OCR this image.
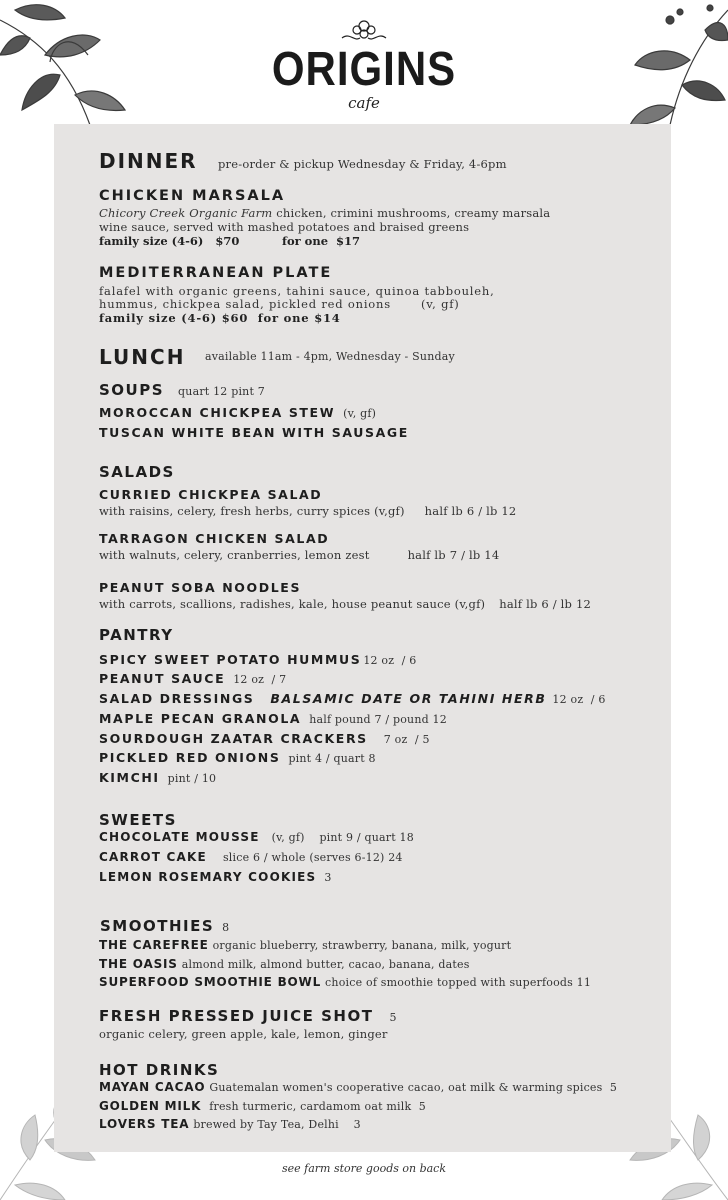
ORIGINS
cafe
DINNER pre-order & pickup Wednesday & Friday, 4-6pm
CHICKEN MARSALA
Chicory Creek Organic Farm chicken, crimini mushrooms, creamy marsala
wine sauce, served with mashed potatoes and braised greens
family size (4-6)   $70	for one  $17
MEDITERRANEAN PLATE
falafel with organic greens, tahini sauce, quinoa tabbouleh,
hummus, chickpea salad, pickled red onions	(v, gf)
family size (4-6) $60  for one $14
LUNCH available 11am - 4pm, Wednesday - Sunday
SOUPS quart 12 pint 7
MOROCCAN CHICKPEA STEW (v, gf)
TUSCAN WHITE BEAN WITH SAUSAGE
SALADS
CURRIED CHICKPEA SALAD
with raisins, celery, fresh herbs, curry spices (v,gf) half lb 6 / lb 12
TARRAGON CHICKEN SALAD
with walnuts, celery, cranberries, lemon zest	half lb 7 / lb 14
PEANUT SOBA NOODLES
with carrots, scallions, radishes, kale, house peanut sauce (v,gf) half lb 6 / lb 12
PANTRY
SPICY SWEET POTATO HUMMUS 12 oz  / 6
PEANUT SAUCE 12 oz  / 7
SALAD DRESSINGS BALSAMIC DATE OR TAHINI HERB 12 oz  / 6
MAPLE PECAN GRANOLA half pound 7 / pound 12
SOURDOUGH ZAATAR CRACKERS 7 oz  / 5
PICKLED RED ONIONS pint 4 / quart 8
KIMCHI pint / 10
SWEETS
CHOCOLATE MOUSSE (v, gf)    pint 9 / quart 18
CARROT CAKE slice 6 / whole (serves 6-12) 24
LEMON ROSEMARY COOKIES 3
SMOOTHIES 8
THE CAREFREE organic blueberry, strawberry, banana, milk, yogurt
THE OASIS almond milk, almond butter, cacao, banana, dates
SUPERFOOD SMOOTHIE BOWL choice of smoothie topped with superfoods 11
FRESH PRESSED JUICE SHOT 5
organic celery, green apple, kale, lemon, ginger
HOT DRINKS
MAYAN CACAO Guatemalan women's cooperative cacao, oat milk & warming spices  5
GOLDEN MILK fresh turmeric, cardamom oat milk  5
LOVERS TEA brewed by Tay Tea, Delhi    3
see farm store goods on back
